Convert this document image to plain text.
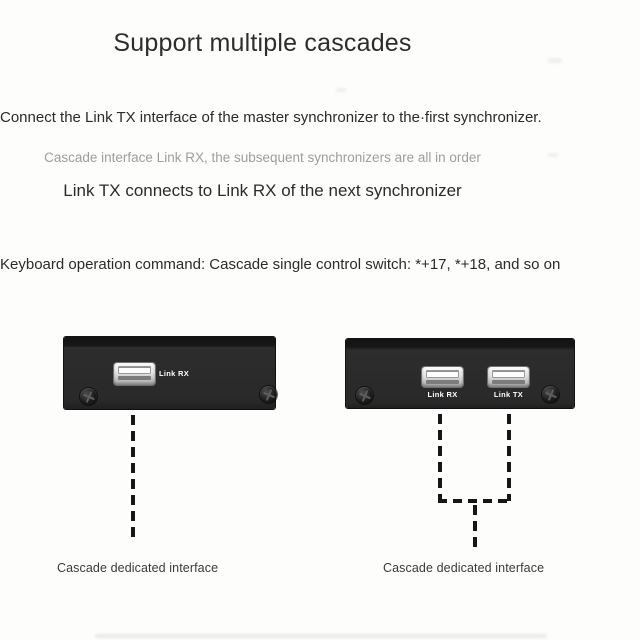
Support multiple cascades
Connect the Link TX interface of the master synchronizer to the·first synchronizer.
Cascade interface Link RX, the subsequent synchronizers are all in order
Link TX connects to Link RX of the next synchronizer
Keyboard operation command: Cascade single control switch: *+17, *+18, and so on
Link RX
Link RX	Link TX
Cascade dedicated interface	Cascade dedicated interface
